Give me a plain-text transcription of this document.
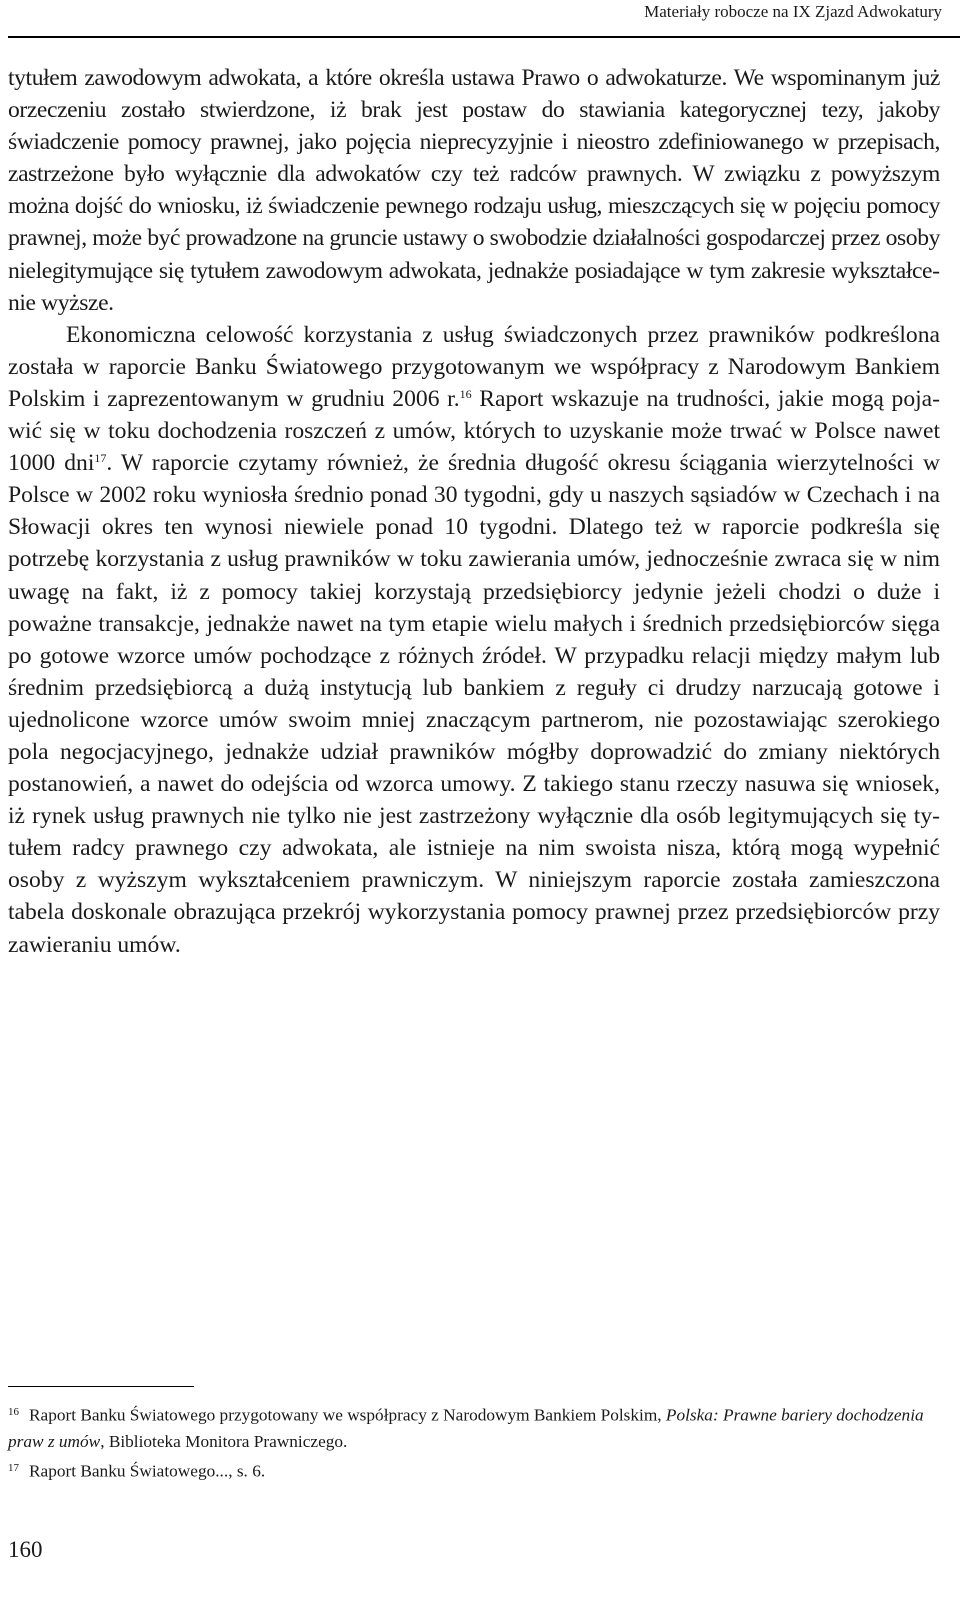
Materiały robocze na IX Zjazd Adwokatury

tytułem zawodowym adwokata, a które określa ustawa Prawo o adwokaturze. We wspominanym już orzeczeniu zostało stwierdzone, iż brak jest postaw do stawiania kategorycznej tezy, jakoby świadczenie pomocy prawnej, jako pojęcia nieprecyzyjnie i nieostro zdefiniowanego w przepisach, zastrzeżone było wyłącznie dla adwokatów czy też radców prawnych. W związku z powyższym można dojść do wniosku, iż świadczenie pewnego rodzaju usług, mieszczących się w pojęciu pomocy prawnej, może być prowadzone na gruncie ustawy o swobodzie działalności gospodarczej przez osoby nielegitymujące się tytułem zawodowym adwokata, jednakże posiadające w tym zakresie wykształcenie wyższe.

Ekonomiczna celowość korzystania z usług świadczonych przez prawników podkreślona została w raporcie Banku Światowego przygotowanym we współpracy z Narodowym Bankiem Polskim i zaprezentowanym w grudniu 2006 r.$^{16}$ Raport wskazuje na trudności, jakie mogą pojawić się w toku dochodzenia roszczeń z umów, których to uzyskanie może trwać w Polsce nawet 1000 dni$^{17}$. W raporcie czytamy również, że średnia długość okresu ściągania wierzytelności w Polsce w 2002 roku wyniosła średnio ponad 30 tygodni, gdy u naszych sąsiadów w Czechach i na Słowacji okres ten wynosi niewiele ponad 10 tygodni. Dlatego też w raporcie podkreśla się potrzebę korzystania z usług prawników w toku zawierania umów, jednocześnie zwraca się w nim uwagę na fakt, iż z pomocy takiej korzystają przedsiębiorcy jedynie jeżeli chodzi o duże i poważne transakcje, jednakże nawet na tym etapie wielu małych i średnich przedsiębiorców sięga po gotowe wzorce umów pochodzące z różnych źródeł. W przypadku relacji między małym lub średnim przedsiębiorcą a dużą instytucją lub bankiem z reguły ci drudzy narzucają gotowe i ujednolicone wzorce umów swoim mniej znaczącym partnerom, nie pozostawiając szerokiego pola negocjacyjnego, jednakże udział prawników mógłby doprowadzić do zmiany niektórych postanowień, a nawet do odejścia od wzorca umowy. Z takiego stanu rzeczy nasuwa się wniosek, iż rynek usług prawnych nie tylko nie jest zastrzeżony wyłącznie dla osób legitymujących się tytułem radcy prawnego czy adwokata, ale istnieje na nim swoista nisza, którą mogą wypełnić osoby z wyższym wykształceniem prawniczym. W niniejszym raporcie została zamieszczona tabela doskonale obrazująca przekrój wykorzystania pomocy prawnej przez przedsiębiorców przy zawieraniu umów.

$^{16}$ Raport Banku Światowego przygotowany we współpracy z Narodowym Bankiem Polskim, Polska: Prawne bariery dochodzenia praw z umów, Biblioteka Monitora Prawniczego.

$^{17}$ Raport Banku Światowego..., s. 6.

160
